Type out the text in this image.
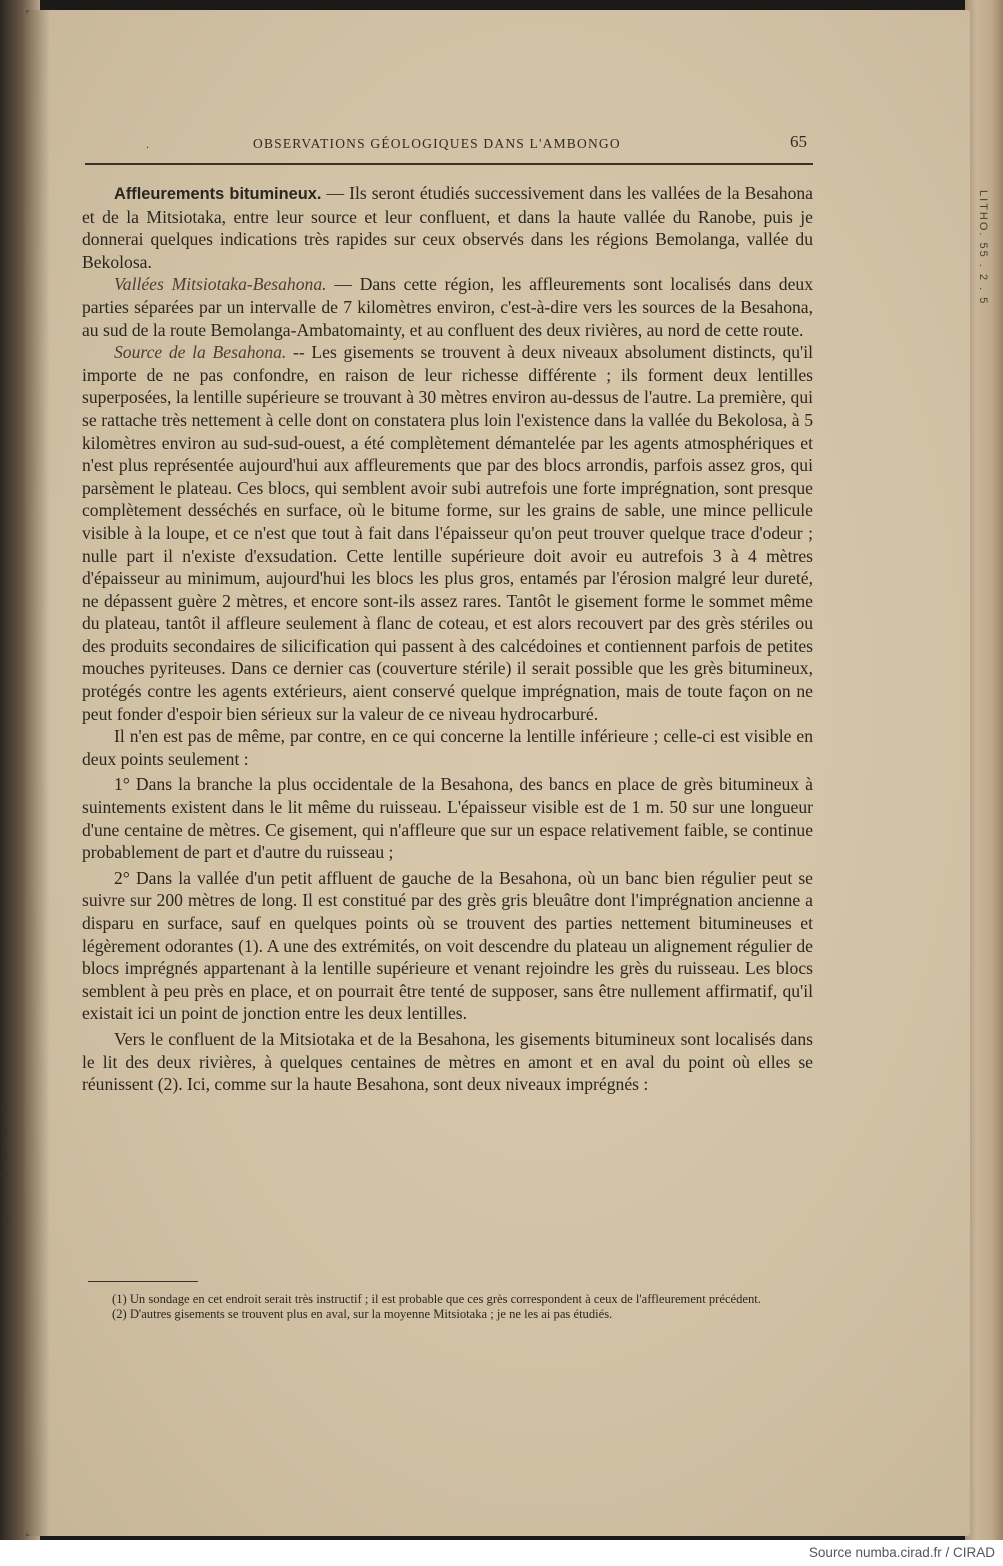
LITHO. 55 . 2 . 5
i
s
1
1
e
i.
.	OBSERVATIONS GÉOLOGIQUES DANS L'AMBONGO	65

Affleurements bitumineux. — Ils seront étudiés successivement dans les vallées de la Besahona et de la Mitsiotaka, entre leur source et leur confluent, et dans la haute vallée du Ranobe, puis je donnerai quelques indications très rapides sur ceux observés dans les régions Bemolanga, vallée du Bekolosa.

Vallées Mitsiotaka-Besahona. — Dans cette région, les affleurements sont localisés dans deux parties séparées par un intervalle de 7 kilomètres environ, c'est-à-dire vers les sources de la Besahona, au sud de la route Bemolanga-Ambatomainty, et au confluent des deux rivières, au nord de cette route.

Source de la Besahona. -- Les gisements se trouvent à deux niveaux absolument distincts, qu'il importe de ne pas confondre, en raison de leur richesse différente ; ils forment deux lentilles superposées, la lentille supérieure se trouvant à 30 mètres environ au-dessus de l'autre. La première, qui se rattache très nettement à celle dont on constatera plus loin l'existence dans la vallée du Bekolosa, à 5 kilomètres environ au sud-sud-ouest, a été complètement démantelée par les agents atmosphériques et n'est plus représentée aujourd'hui aux affleurements que par des blocs arrondis, parfois assez gros, qui parsèment le plateau. Ces blocs, qui semblent avoir subi autrefois une forte imprégnation, sont presque complètement desséchés en surface, où le bitume forme, sur les grains de sable, une mince pellicule visible à la loupe, et ce n'est que tout à fait dans l'épaisseur qu'on peut trouver quelque trace d'odeur ; nulle part il n'existe d'exsudation. Cette lentille supérieure doit avoir eu autrefois 3 à 4 mètres d'épaisseur au minimum, aujourd'hui les blocs les plus gros, entamés par l'érosion malgré leur dureté, ne dépassent guère 2 mètres, et encore sont-ils assez rares. Tantôt le gisement forme le sommet même du plateau, tantôt il affleure seulement à flanc de coteau, et est alors recouvert par des grès stériles ou des produits secondaires de silicification qui passent à des calcédoines et contiennent parfois de petites mouches pyriteuses. Dans ce dernier cas (couverture stérile) il serait possible que les grès bitumineux, protégés contre les agents extérieurs, aient conservé quelque imprégnation, mais de toute façon on ne peut fonder d'espoir bien sérieux sur la valeur de ce niveau hydrocarburé.

Il n'en est pas de même, par contre, en ce qui concerne la lentille inférieure ; celle-ci est visible en deux points seulement :

1° Dans la branche la plus occidentale de la Besahona, des bancs en place de grès bitumineux à suintements existent dans le lit même du ruisseau. L'épaisseur visible est de 1 m. 50 sur une longueur d'une centaine de mètres. Ce gisement, qui n'affleure que sur un espace relativement faible, se continue probablement de part et d'autre du ruisseau ;

2° Dans la vallée d'un petit affluent de gauche de la Besahona, où un banc bien régulier peut se suivre sur 200 mètres de long. Il est constitué par des grès gris bleuâtre dont l'imprégnation ancienne a disparu en surface, sauf en quelques points où se trouvent des parties nettement bitumineuses et légèrement odorantes (1). A une des extrémités, on voit descendre du plateau un alignement régulier de blocs imprégnés appartenant à la lentille supérieure et venant rejoindre les grès du ruisseau. Les blocs semblent à peu près en place, et on pourrait être tenté de supposer, sans être nullement affirmatif, qu'il existait ici un point de jonction entre les deux lentilles.

Vers le confluent de la Mitsiotaka et de la Besahona, les gisements bitumineux sont localisés dans le lit des deux rivières, à quelques centaines de mètres en amont et en aval du point où elles se réunissent (2). Ici, comme sur la haute Besahona, sont deux niveaux imprégnés :

(1) Un sondage en cet endroit serait très instructif ; il est probable que ces grès correspondent à ceux de l'affleurement précédent.

(2) D'autres gisements se trouvent plus en aval, sur la moyenne Mitsiotaka ; je ne les ai pas étudiés.

Source numba.cirad.fr / CIRAD
